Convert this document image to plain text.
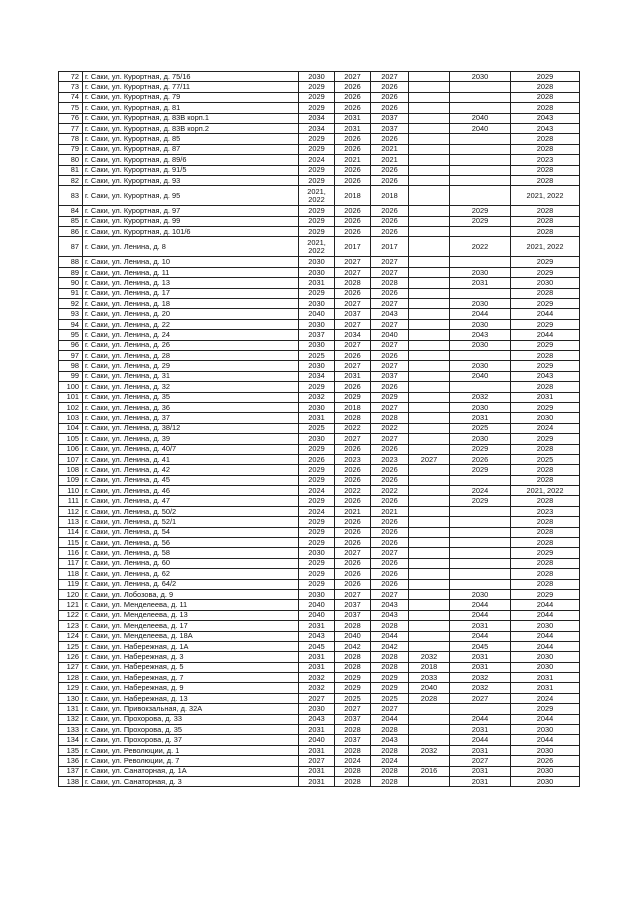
72	г. Саки, ул. Курортная, д. 75/16	2030	2027	2027		2030	2029
73	г. Саки, ул. Курортная, д. 77/11	2029	2026	2026			2028
74	г. Саки, ул. Курортная, д. 79	2029	2026	2026			2028
75	г. Саки, ул. Курортная, д. 81	2029	2026	2026			2028
76	г. Саки, ул. Курортная, д. 83В корп.1	2034	2031	2037		2040	2043
77	г. Саки, ул. Курортная, д. 83В корп.2	2034	2031	2037		2040	2043
78	г. Саки, ул. Курортная, д. 85	2029	2026	2026			2028
79	г. Саки, ул. Курортная, д. 87	2029	2026	2021			2028
80	г. Саки, ул. Курортная, д. 89/6	2024	2021	2021			2023
81	г. Саки, ул. Курортная, д. 91/5	2029	2026	2026			2028
82	г. Саки, ул. Курортная, д. 93	2029	2026	2026			2028
83	г. Саки, ул. Курортная, д. 95	2021, 2022	2018	2018			2021, 2022
84	г. Саки, ул. Курортная, д. 97	2029	2026	2026		2029	2028
85	г. Саки, ул. Курортная, д. 99	2029	2026	2026		2029	2028
86	г. Саки, ул. Курортная, д. 101/6	2029	2026	2026			2028
87	г. Саки, ул. Ленина, д. 8	2021, 2022	2017	2017		2022	2021, 2022
88	г. Саки, ул. Ленина, д. 10	2030	2027	2027			2029
89	г. Саки, ул. Ленина, д. 11	2030	2027	2027		2030	2029
90	г. Саки, ул. Ленина, д. 13	2031	2028	2028		2031	2030
91	г. Саки, ул. Ленина, д. 17	2029	2026	2026			2028
92	г. Саки, ул. Ленина, д. 18	2030	2027	2027		2030	2029
93	г. Саки, ул. Ленина, д. 20	2040	2037	2043		2044	2044
94	г. Саки, ул. Ленина, д. 22	2030	2027	2027		2030	2029
95	г. Саки, ул. Ленина, д. 24	2037	2034	2040		2043	2044
96	г. Саки, ул. Ленина, д. 26	2030	2027	2027		2030	2029
97	г. Саки, ул. Ленина, д. 28	2025	2026	2026			2028
98	г. Саки, ул. Ленина, д. 29	2030	2027	2027		2030	2029
99	г. Саки, ул. Ленина, д. 31	2034	2031	2037		2040	2043
100	г. Саки, ул. Ленина, д. 32	2029	2026	2026			2028
101	г. Саки, ул. Ленина, д. 35	2032	2029	2029		2032	2031
102	г. Саки, ул. Ленина, д. 36	2030	2018	2027		2030	2029
103	г. Саки, ул. Ленина, д. 37	2031	2028	2028		2031	2030
104	г. Саки, ул. Ленина, д. 38/12	2025	2022	2022		2025	2024
105	г. Саки, ул. Ленина, д. 39	2030	2027	2027		2030	2029
106	г. Саки, ул. Ленина, д. 40/7	2029	2026	2026		2029	2028
107	г. Саки, ул. Ленина, д. 41	2026	2023	2023	2027	2026	2025
108	г. Саки, ул. Ленина, д. 42	2029	2026	2026		2029	2028
109	г. Саки, ул. Ленина, д. 45	2029	2026	2026			2028
110	г. Саки, ул. Ленина, д. 46	2024	2022	2022		2024	2021, 2022
111	г. Саки, ул. Ленина, д. 47	2029	2026	2026		2029	2028
112	г. Саки, ул. Ленина, д. 50/2	2024	2021	2021			2023
113	г. Саки, ул. Ленина, д. 52/1	2029	2026	2026			2028
114	г. Саки, ул. Ленина, д. 54	2029	2026	2026			2028
115	г. Саки, ул. Ленина, д. 56	2029	2026	2026			2028
116	г. Саки, ул. Ленина, д. 58	2030	2027	2027			2029
117	г. Саки, ул. Ленина, д. 60	2029	2026	2026			2028
118	г. Саки, ул. Ленина, д. 62	2029	2026	2026			2028
119	г. Саки, ул. Ленина, д. 64/2	2029	2026	2026			2028
120	г. Саки, ул. Лобозова, д. 9	2030	2027	2027		2030	2029
121	г. Саки, ул. Менделеева, д. 11	2040	2037	2043		2044	2044
122	г. Саки, ул. Менделеева, д. 13	2040	2037	2043		2044	2044
123	г. Саки, ул. Менделеева, д. 17	2031	2028	2028		2031	2030
124	г. Саки, ул. Менделеева, д. 18А	2043	2040	2044		2044	2044
125	г. Саки, ул. Набережная, д. 1А	2045	2042	2042		2045	2044
126	г. Саки, ул. Набережная, д. 3	2031	2028	2028	2032	2031	2030
127	г. Саки, ул. Набережная, д. 5	2031	2028	2028	2018	2031	2030
128	г. Саки, ул. Набережная, д. 7	2032	2029	2029	2033	2032	2031
129	г. Саки, ул. Набережная, д. 9	2032	2029	2029	2040	2032	2031
130	г. Саки, ул. Набережная, д. 13	2027	2025	2025	2028	2027	2024
131	г. Саки, ул. Привокзальная, д. 32А	2030	2027	2027			2029
132	г. Саки, ул. Прохорова, д. 33	2043	2037	2044		2044	2044
133	г. Саки, ул. Прохорова, д. 35	2031	2028	2028		2031	2030
134	г. Саки, ул. Прохорова, д. 37	2040	2037	2043		2044	2044
135	г. Саки, ул. Революции, д. 1	2031	2028	2028	2032	2031	2030
136	г. Саки, ул. Революции, д. 7	2027	2024	2024		2027	2026
137	г. Саки, ул. Санаторная, д. 1А	2031	2028	2028	2016	2031	2030
138	г. Саки, ул. Санаторная, д. 3	2031	2028	2028		2031	2030
